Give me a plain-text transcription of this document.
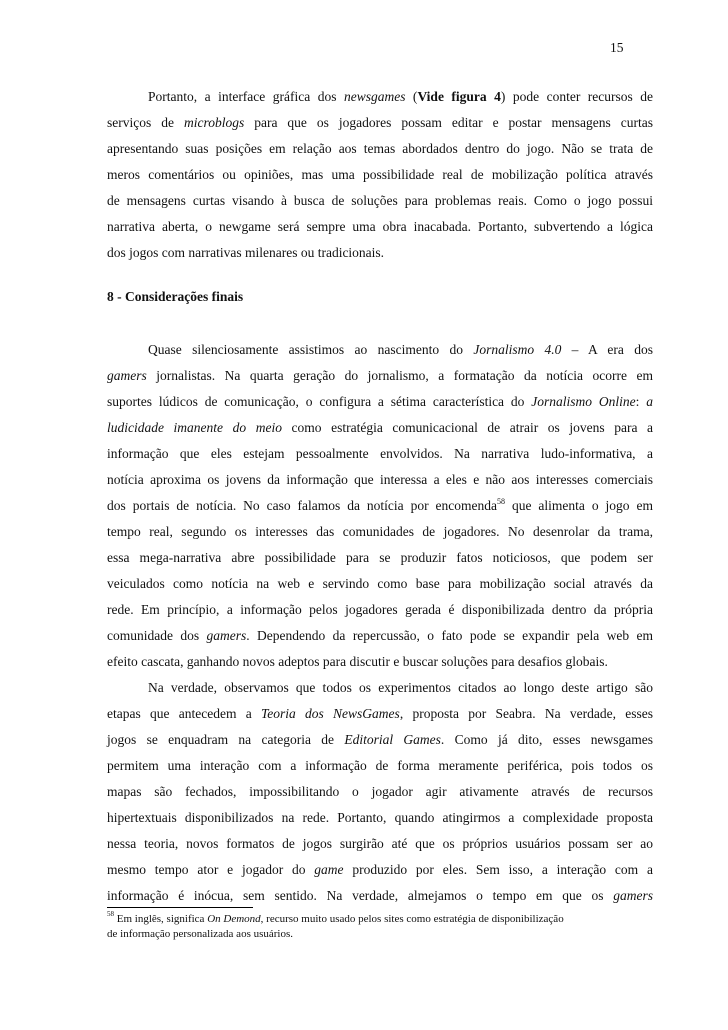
15
Portanto, a interface gráfica dos newsgames (Vide figura 4) pode conter recursos de
serviços de microblogs para que os jogadores possam editar e postar mensagens curtas
apresentando suas posições em relação aos temas abordados dentro do jogo. Não se trata de
meros comentários ou opiniões, mas uma possibilidade real de mobilização política através
de mensagens curtas visando à busca de soluções para problemas reais. Como o jogo possui
narrativa aberta, o newgame será sempre uma obra inacabada. Portanto, subvertendo a lógica
dos jogos com narrativas milenares ou tradicionais.
8 - Considerações finais
Quase silenciosamente assistimos ao nascimento do Jornalismo 4.0 – A era dos
gamers jornalistas. Na quarta geração do jornalismo, a formatação da notícia ocorre em
suportes lúdicos de comunicação, o configura a sétima característica do Jornalismo Online: a
ludicidade imanente do meio como estratégia comunicacional de atrair os jovens para a
informação que eles estejam pessoalmente envolvidos. Na narrativa ludo-informativa, a
notícia aproxima os jovens da informação que interessa a eles e não aos interesses comerciais
dos portais de notícia. No caso falamos da notícia por encomenda$^{58}$ que alimenta o jogo em
tempo real, segundo os interesses das comunidades de jogadores. No desenrolar da trama,
essa mega-narrativa abre possibilidade para se produzir fatos noticiosos, que podem ser
veiculados como notícia na web e servindo como base para mobilização social através da
rede. Em princípio, a informação pelos jogadores gerada é disponibilizada dentro da própria
comunidade dos gamers. Dependendo da repercussão, o fato pode se expandir pela web em
efeito cascata, ganhando novos adeptos para discutir e buscar soluções para desafios globais.
Na verdade, observamos que todos os experimentos citados ao longo deste artigo são
etapas que antecedem a Teoria dos NewsGames, proposta por Seabra. Na verdade, esses
jogos se enquadram na categoria de Editorial Games. Como já dito, esses newsgames
permitem uma interação com a informação de forma meramente periférica, pois todos os
mapas são fechados, impossibilitando o jogador agir ativamente através de recursos
hipertextuais disponibilizados na rede. Portanto, quando atingirmos a complexidade proposta
nessa teoria, novos formatos de jogos surgirão até que os próprios usuários possam ser ao
mesmo tempo ator e jogador do game produzido por eles. Sem isso, a interação com a
informação é inócua, sem sentido. Na verdade, almejamos o tempo em que os gamers
$^{58}$ Em inglês, significa On Demond, recurso muito usado pelos sites como estratégia de disponibilização
de informação personalizada aos usuários.
